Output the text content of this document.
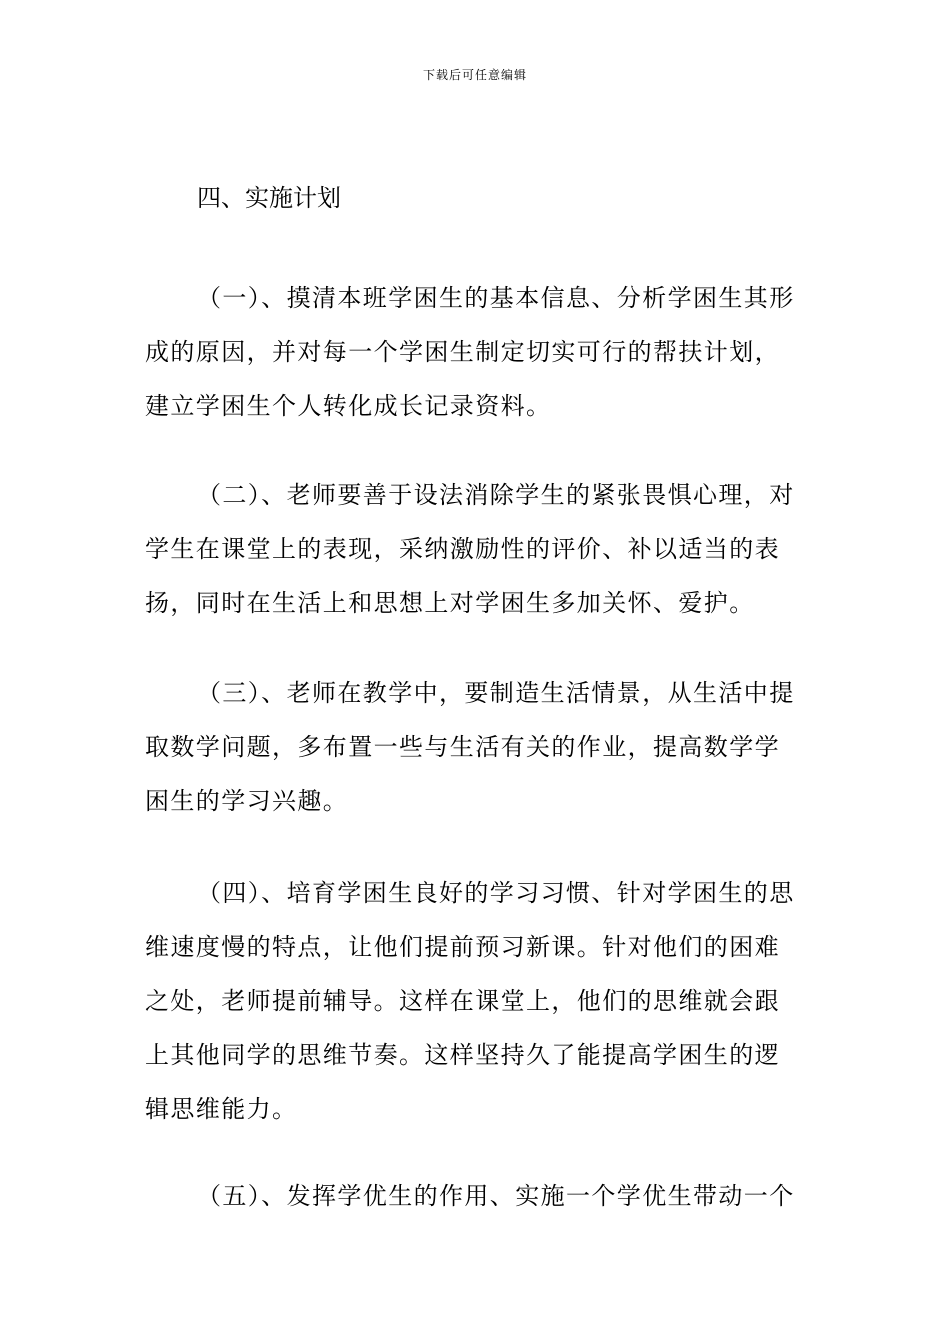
下载后可任意编辑
四、实施计划
（一）、摸清本班学困生的基本信息、分析学困生其形
成的原因，并对每一个学困生制定切实可行的帮扶计划，
建立学困生个人转化成长记录资料。
（二）、老师要善于设法消除学生的紧张畏惧心理，对
学生在课堂上的表现，采纳激励性的评价、补以适当的表
扬，同时在生活上和思想上对学困生多加关怀、爱护。
（三）、老师在教学中，要制造生活情景，从生活中提
取数学问题，多布置一些与生活有关的作业，提高数学学
困生的学习兴趣。
（四）、培育学困生良好的学习习惯、针对学困生的思
维速度慢的特点，让他们提前预习新课。针对他们的困难
之处，老师提前辅导。这样在课堂上，他们的思维就会跟
上其他同学的思维节奏。这样坚持久了能提高学困生的逻
辑思维能力。
（五）、发挥学优生的作用、实施一个学优生带动一个
